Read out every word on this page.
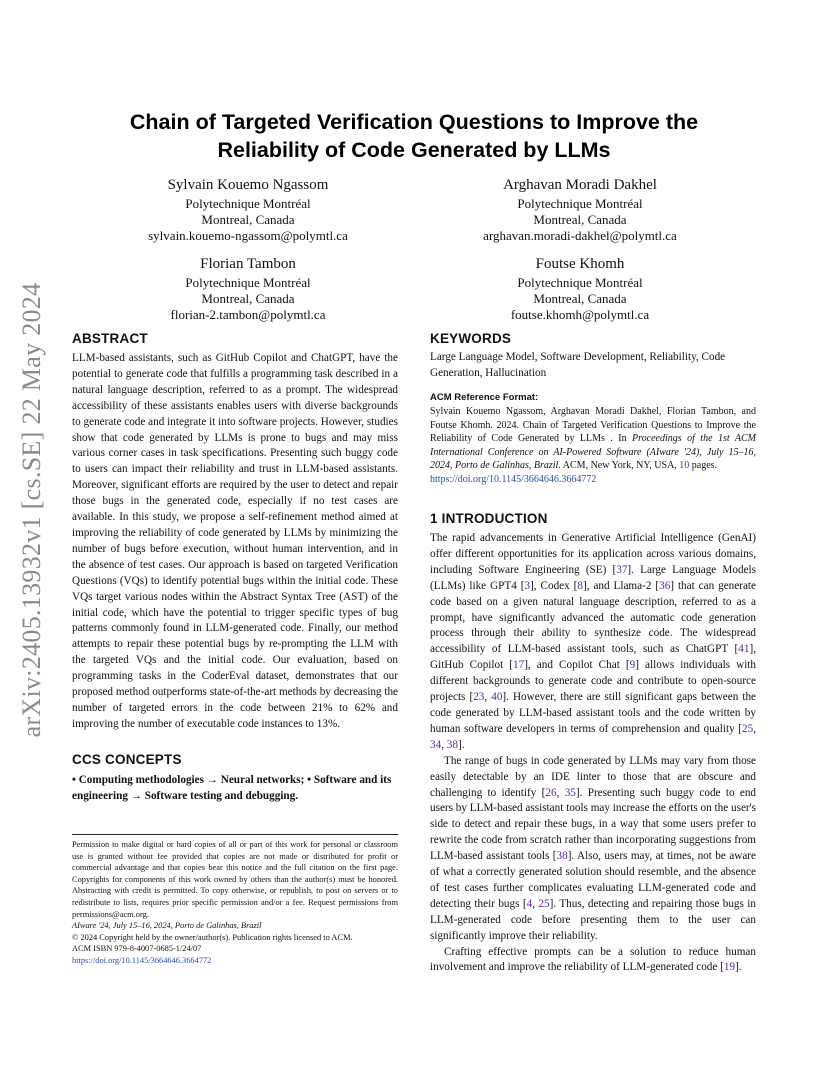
arXiv:2405.13932v1 [cs.SE] 22 May 2024
Chain of Targeted Verification Questions to Improve the
Reliability of Code Generated by LLMs
Sylvain Kouemo Ngassom
Polytechnique Montréal
Montreal, Canada
sylvain.kouemo-ngassom@polymtl.ca
Arghavan Moradi Dakhel
Polytechnique Montréal
Montreal, Canada
arghavan.moradi-dakhel@polymtl.ca
Florian Tambon
Polytechnique Montréal
Montreal, Canada
florian-2.tambon@polymtl.ca
Foutse Khomh
Polytechnique Montréal
Montreal, Canada
foutse.khomh@polymtl.ca
ABSTRACT

LLM-based assistants, such as GitHub Copilot and ChatGPT, have the potential to generate code that fulfills a programming task described in a natural language description, referred to as a prompt. The widespread accessibility of these assistants enables users with diverse backgrounds to generate code and integrate it into software projects. However, studies show that code generated by LLMs is prone to bugs and may miss various corner cases in task specifications. Presenting such buggy code to users can impact their reliability and trust in LLM-based assistants. Moreover, significant efforts are required by the user to detect and repair those bugs in the generated code, especially if no test cases are available. In this study, we propose a self-refinement method aimed at improving the reliability of code generated by LLMs by minimizing the number of bugs before execution, without human intervention, and in the absence of test cases. Our approach is based on targeted Verification Questions (VQs) to identify potential bugs within the initial code. These VQs target various nodes within the Abstract Syntax Tree (AST) of the initial code, which have the potential to trigger specific types of bug patterns commonly found in LLM-generated code. Finally, our method attempts to repair these potential bugs by re-prompting the LLM with the targeted VQs and the initial code. Our evaluation, based on programming tasks in the CoderEval dataset, demonstrates that our proposed method outperforms state-of-the-art methods by decreasing the number of targeted errors in the code between 21% to 62% and improving the number of executable code instances to 13%.

CCS CONCEPTS
• Computing methodologies → Neural networks; • Software and its engineering → Software testing and debugging.

Permission to make digital or hard copies of all or part of this work for personal or classroom use is granted without fee provided that copies are not made or distributed for profit or commercial advantage and that copies bear this notice and the full citation on the first page. Copyrights for components of this work owned by others than the author(s) must be honored. Abstracting with credit is permitted. To copy otherwise, or republish, to post on servers or to redistribute to lists, requires prior specific permission and/or a fee. Request permissions from permissions@acm.org.

AIware '24, July 15–16, 2024, Porto de Galinhas, Brazil

© 2024 Copyright held by the owner/author(s). Publication rights licensed to ACM.

ACM ISBN 979-8-4007-0685-1/24/07

https://doi.org/10.1145/3664646.3664772

KEYWORDS
Large Language Model, Software Development, Reliability, Code Generation, Hallucination
ACM Reference Format:
Sylvain Kouemo Ngassom, Arghavan Moradi Dakhel, Florian Tambon, and Foutse Khomh. 2024. Chain of Targeted Verification Questions to Improve the Reliability of Code Generated by LLMs . In Proceedings of the 1st ACM International Conference on AI-Powered Software (AIware '24), July 15–16, 2024, Porto de Galinhas, Brazil. ACM, New York, NY, USA, 10 pages.
https://doi.org/10.1145/3664646.3664772
1 INTRODUCTION

The rapid advancements in Generative Artificial Intelligence (GenAI) offer different opportunities for its application across various domains, including Software Engineering (SE) [37]. Large Language Models (LLMs) like GPT4 [3], Codex [8], and Llama-2 [36] that can generate code based on a given natural language description, referred to as a prompt, have significantly advanced the automatic code generation process through their ability to synthesize code. The widespread accessibility of LLM-based assistant tools, such as ChatGPT [41], GitHub Copilot [17], and Copilot Chat [9] allows individuals with different backgrounds to generate code and contribute to open-source projects [23, 40]. However, there are still significant gaps between the code generated by LLM-based assistant tools and the code written by human software developers in terms of comprehension and quality [25, 34, 38].

The range of bugs in code generated by LLMs may vary from those easily detectable by an IDE linter to those that are obscure and challenging to identify [26, 35]. Presenting such buggy code to end users by LLM-based assistant tools may increase the efforts on the user's side to detect and repair these bugs, in a way that some users prefer to rewrite the code from scratch rather than incorporating suggestions from LLM-based assistant tools [38]. Also, users may, at times, not be aware of what a correctly generated solution should resemble, and the absence of test cases further complicates evaluating LLM-generated code and detecting their bugs [4, 25]. Thus, detecting and repairing those bugs in LLM-generated code before presenting them to the user can significantly improve their reliability.

Crafting effective prompts can be a solution to reduce human involvement and improve the reliability of LLM-generated code [19].
